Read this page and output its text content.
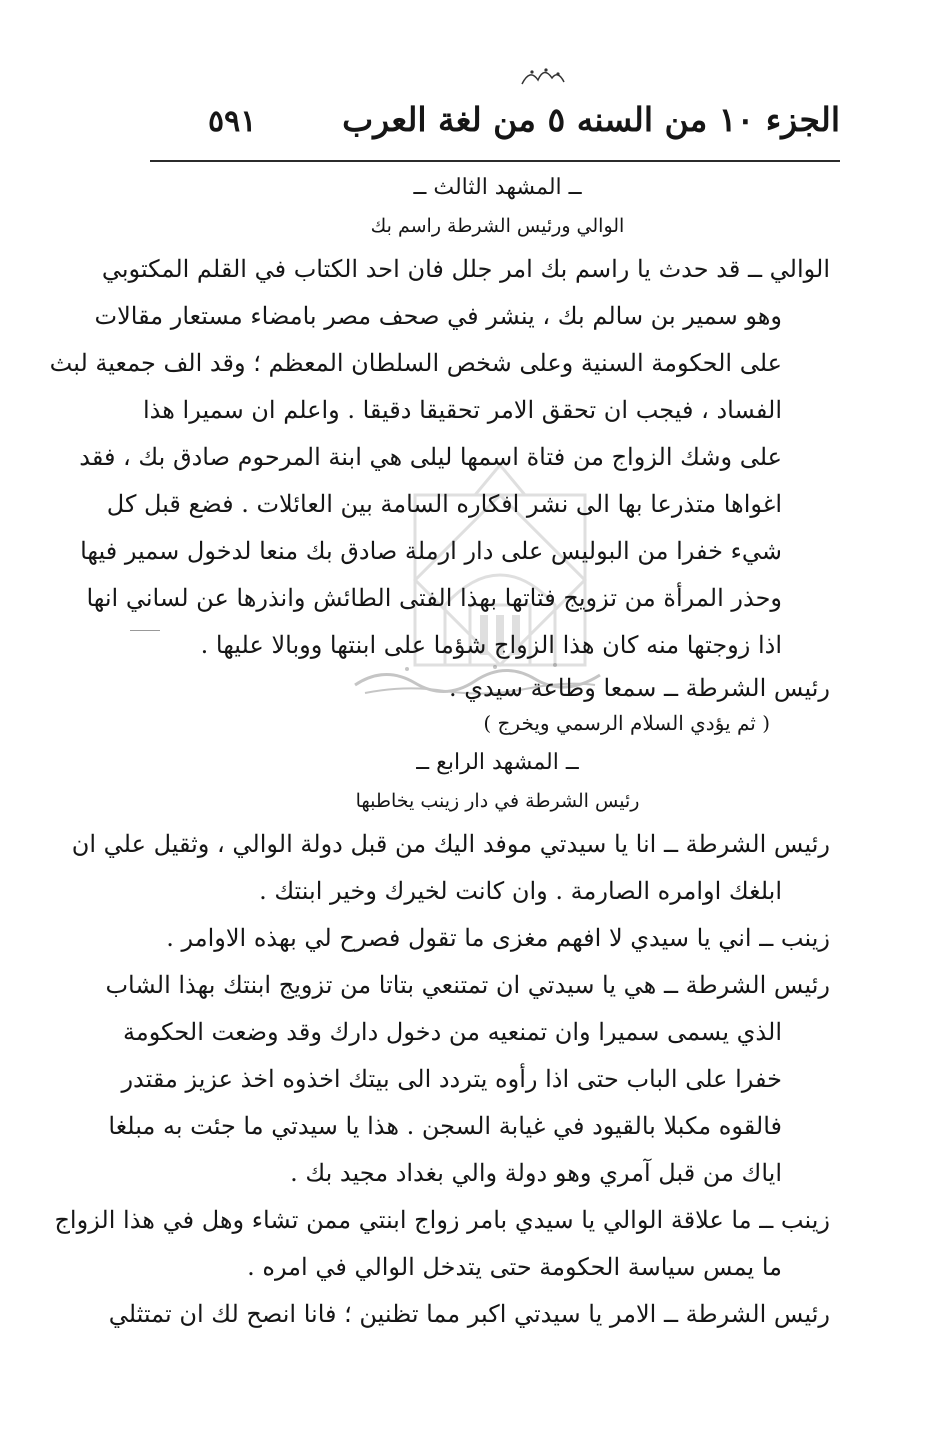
الجزء ١٠ من السنه ٥ من لغة العرب
٥٩١
ــ المشهد الثالث ــ
الوالي ورئيس الشرطة راسم بك
الوالي ــ قد حدث يا راسم بك امر جلل فان احد الكتاب في القلم المكتوبي
وهو سمير بن سالم بك ، ينشر في صحف مصر بامضاء مستعار مقالات
على الحكومة السنية وعلى شخص السلطان المعظم ؛ وقد الف جمعية لبث
الفساد ، فيجب ان تحقق الامر تحقيقا دقيقا . واعلم ان سميرا هذا
على وشك الزواج من فتاة اسمها ليلى هي ابنة المرحوم صادق بك ، فقد
اغواها متذرعا بها الى نشر افكاره السامة بين العائلات . فضع قبل كل
شيء خفرا من البوليس على دار ارملة صادق بك منعا لدخول سمير فيها
وحذر المرأة من تزويج فتاتها بهذا الفتى الطائش وانذرها عن لساني انها
اذا زوجتها منه كان هذا الزواج شؤما على ابنتها ووبالا عليها .
رئيس الشرطة ــ سمعا وطاعة سيدي .
( ثم يؤدي السلام الرسمي ويخرج )
ــ المشهد الرابع ــ
رئيس الشرطة في دار زينب يخاطبها
رئيس الشرطة ــ انا يا سيدتي موفد اليك من قبل دولة الوالي ، وثقيل علي ان
ابلغك اوامره الصارمة . وان كانت لخيرك وخير ابنتك .
زينب ــ اني يا سيدي لا افهم مغزى ما تقول فصرح لي بهذه الاوامر .
رئيس الشرطة ــ هي يا سيدتي ان تمتنعي بتاتا من تزويج ابنتك بهذا الشاب
الذي يسمى سميرا وان تمنعيه من دخول دارك وقد وضعت الحكومة
خفرا على الباب حتى اذا رأوه يتردد الى بيتك اخذوه اخذ عزيز مقتدر
فالقوه مكبلا بالقيود في غيابة السجن . هذا يا سيدتي ما جئت به مبلغا
اياك من قبل آمري وهو دولة والي بغداد مجيد بك .
زينب ــ ما علاقة الوالي يا سيدي بامر زواج ابنتي ممن تشاء وهل في هذا الزواج
ما يمس سياسة الحكومة حتى يتدخل الوالي في امره .
رئيس الشرطة ــ الامر يا سيدتي اكبر مما تظنين ؛ فانا انصح لك ان تمتثلي
